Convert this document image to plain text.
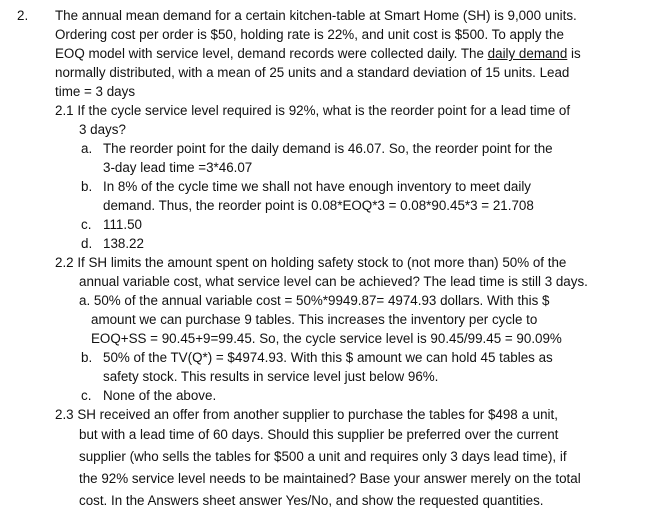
2. The annual mean demand for a certain kitchen-table at Smart Home (SH) is 9,000 units.
Ordering cost per order is $50, holding rate is 22%, and unit cost is $500. To apply the
EOQ model with service level, demand records were collected daily. The daily demand is
normally distributed, with a mean of 25 units and a standard deviation of 15 units. Lead
time = 3 days
2.1 If the cycle service level required is 92%, what is the reorder point for a lead time of
3 days?
a. The reorder point for the daily demand is 46.07. So, the reorder point for the
3-day lead time =3*46.07
b. In 8% of the cycle time we shall not have enough inventory to meet daily
demand. Thus, the reorder point is 0.08*EOQ*3 = 0.08*90.45*3 = 21.708
c. 111.50
d. 138.22
2.2 If SH limits the amount spent on holding safety stock to (not more than) 50% of the
annual variable cost, what service level can be achieved? The lead time is still 3 days.
a. 50% of the annual variable cost = 50%*9949.87= 4974.93 dollars. With this $
amount we can purchase 9 tables. This increases the inventory per cycle to
EOQ+SS = 90.45+9=99.45. So, the cycle service level is 90.45/99.45 = 90.09%
b. 50% of the TV(Q*) = $4974.93. With this $ amount we can hold 45 tables as
safety stock. This results in service level just below 96%.
c. None of the above.
2.3 SH received an offer from another supplier to purchase the tables for $498 a unit,
but with a lead time of 60 days. Should this supplier be preferred over the current
supplier (who sells the tables for $500 a unit and requires only 3 days lead time), if
the 92% service level needs to be maintained? Base your answer merely on the total
cost. In the Answers sheet answer Yes/No, and show the requested quantities.
